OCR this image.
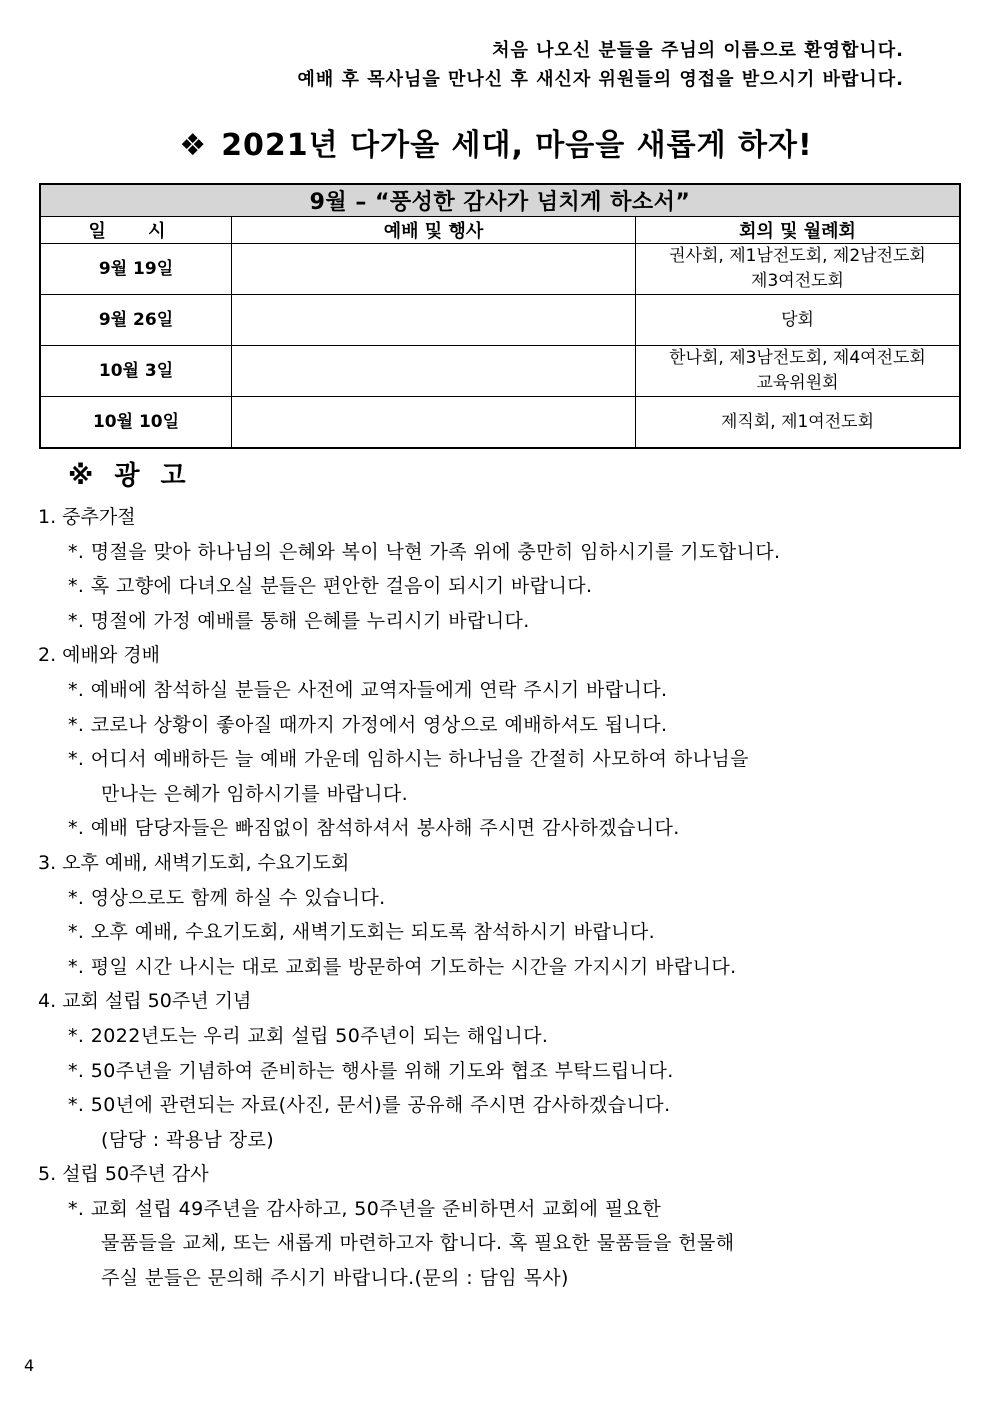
처음 나오신 분들을 주님의 이름으로 환영합니다.
예배 후 목사님을 만나신 후 새신자 위원들의 영접을 받으시기 바랍니다.
❖ 2021년 다가올 세대, 마음을 새롭게 하자!
9월 – “풍성한 감사가 넘치게 하소서”		
일 시	예배 및 행사	회의 및 월례회
9월 19일		권사회, 제1남전도회, 제2남전도회
제3여전도회

9월 26일		당회

10월 3일		한나회, 제3남전도회, 제4여전도회
교육위원회

10월 10일		제직회, 제1여전도회
※ 광 고
1. 중추가절
*. 명절을 맞아 하나님의 은혜와 복이 낙현 가족 위에 충만히 임하시기를 기도합니다.
*. 혹 고향에 다녀오실 분들은 편안한 걸음이 되시기 바랍니다.
*. 명절에 가정 예배를 통해 은혜를 누리시기 바랍니다.
2. 예배와 경배
*. 예배에 참석하실 분들은 사전에 교역자들에게 연락 주시기 바랍니다.
*. 코로나 상황이 좋아질 때까지 가정에서 영상으로 예배하셔도 됩니다.
*. 어디서 예배하든 늘 예배 가운데 임하시는 하나님을 간절히 사모하여 하나님을
만나는 은혜가 임하시기를 바랍니다.
*. 예배 담당자들은 빠짐없이 참석하셔서 봉사해 주시면 감사하겠습니다.
3. 오후 예배, 새벽기도회, 수요기도회
*. 영상으로도 함께 하실 수 있습니다.
*. 오후 예배, 수요기도회, 새벽기도회는 되도록 참석하시기 바랍니다.
*. 평일 시간 나시는 대로 교회를 방문하여 기도하는 시간을 가지시기 바랍니다.
4. 교회 설립 50주년 기념
*. 2022년도는 우리 교회 설립 50주년이 되는 해입니다.
*. 50주년을 기념하여 준비하는 행사를 위해 기도와 협조 부탁드립니다.
*. 50년에 관련되는 자료(사진, 문서)를 공유해 주시면 감사하겠습니다.
(담당 : 곽용남 장로)
5. 설립 50주년 감사
*. 교회 설립 49주년을 감사하고, 50주년을 준비하면서 교회에 필요한
물품들을 교체, 또는 새롭게 마련하고자 합니다. 혹 필요한 물품들을 헌물해
주실 분들은 문의해 주시기 바랍니다.(문의 : 담임 목사)
4
